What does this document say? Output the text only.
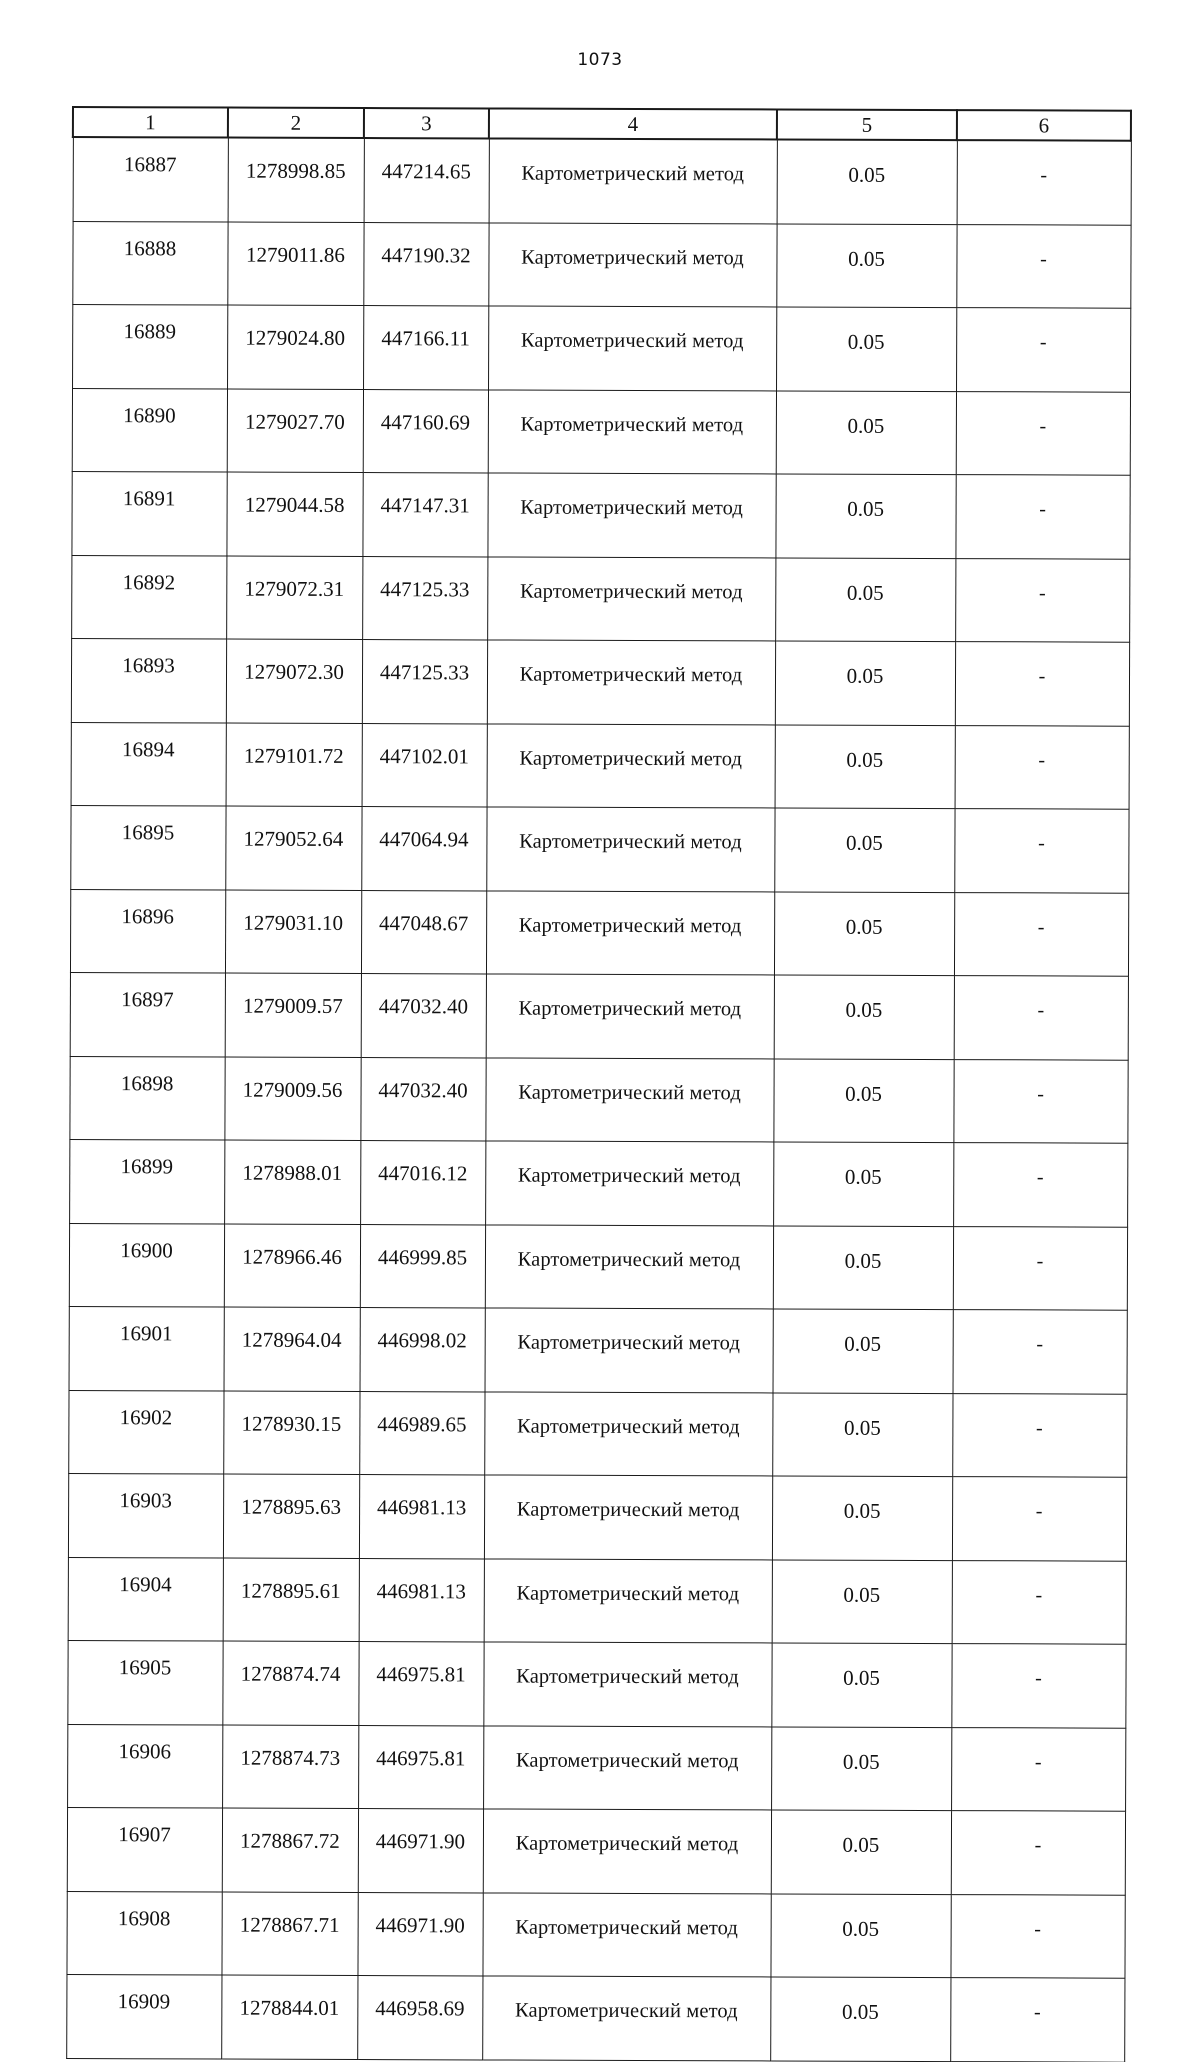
1073
1	2	3	4	5	6
16887	1278998.85	447214.65	Картометрический метод	0.05	-
16888	1279011.86	447190.32	Картометрический метод	0.05	-
16889	1279024.80	447166.11	Картометрический метод	0.05	-
16890	1279027.70	447160.69	Картометрический метод	0.05	-
16891	1279044.58	447147.31	Картометрический метод	0.05	-
16892	1279072.31	447125.33	Картометрический метод	0.05	-
16893	1279072.30	447125.33	Картометрический метод	0.05	-
16894	1279101.72	447102.01	Картометрический метод	0.05	-
16895	1279052.64	447064.94	Картометрический метод	0.05	-
16896	1279031.10	447048.67	Картометрический метод	0.05	-
16897	1279009.57	447032.40	Картометрический метод	0.05	-
16898	1279009.56	447032.40	Картометрический метод	0.05	-
16899	1278988.01	447016.12	Картометрический метод	0.05	-
16900	1278966.46	446999.85	Картометрический метод	0.05	-
16901	1278964.04	446998.02	Картометрический метод	0.05	-
16902	1278930.15	446989.65	Картометрический метод	0.05	-
16903	1278895.63	446981.13	Картометрический метод	0.05	-
16904	1278895.61	446981.13	Картометрический метод	0.05	-
16905	1278874.74	446975.81	Картометрический метод	0.05	-
16906	1278874.73	446975.81	Картометрический метод	0.05	-
16907	1278867.72	446971.90	Картометрический метод	0.05	-
16908	1278867.71	446971.90	Картометрический метод	0.05	-
16909	1278844.01	446958.69	Картометрический метод	0.05	-
